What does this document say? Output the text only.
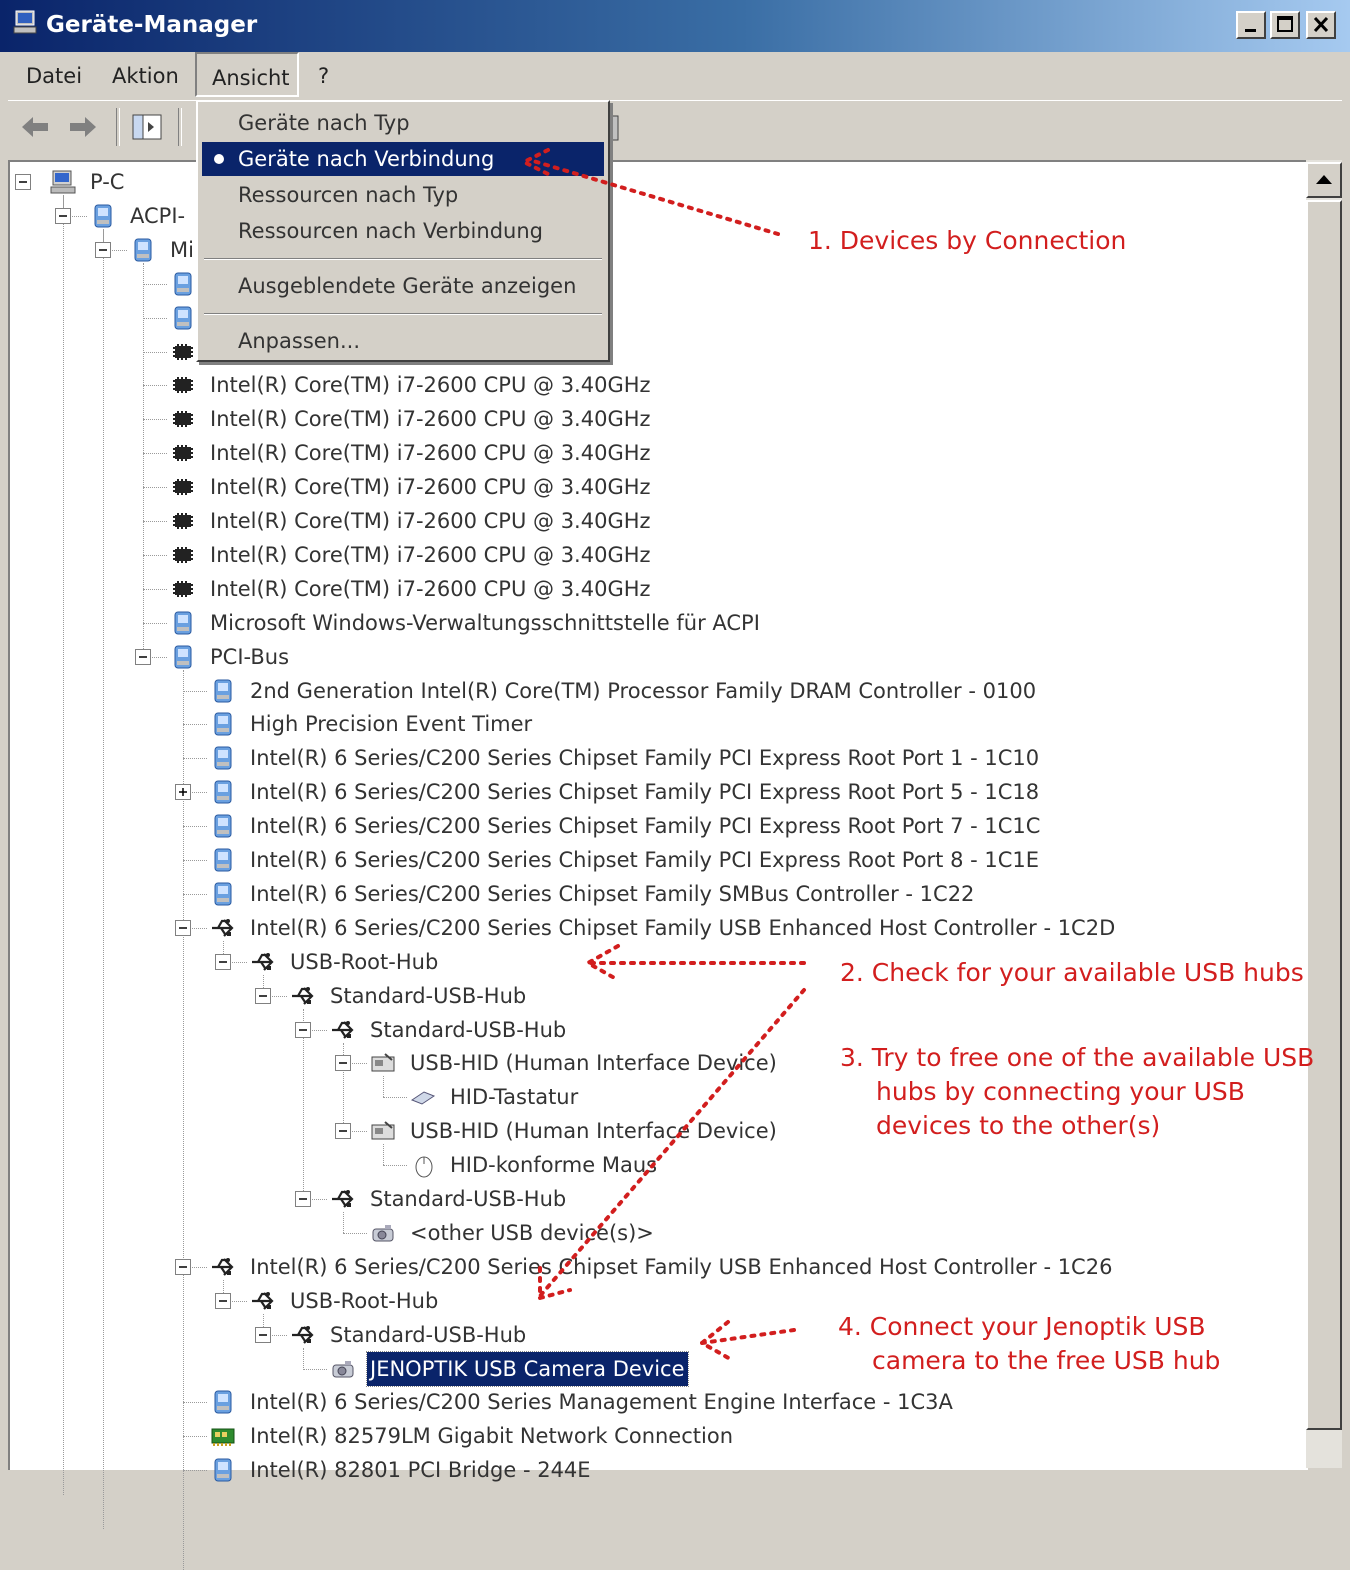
Geräte-Manager
Datei Aktion Ansicht ?
P-C
ACPI-
Mi
Intel(R) Core(TM) i7-2600 CPU @ 3.40GHz
Intel(R) Core(TM) i7-2600 CPU @ 3.40GHz
Intel(R) Core(TM) i7-2600 CPU @ 3.40GHz
Intel(R) Core(TM) i7-2600 CPU @ 3.40GHz
Intel(R) Core(TM) i7-2600 CPU @ 3.40GHz
Intel(R) Core(TM) i7-2600 CPU @ 3.40GHz
Intel(R) Core(TM) i7-2600 CPU @ 3.40GHz
Microsoft Windows-Verwaltungsschnittstelle für ACPI
PCI-Bus
2nd Generation Intel(R) Core(TM) Processor Family DRAM Controller - 0100
High Precision Event Timer
Intel(R) 6 Series/C200 Series Chipset Family PCI Express Root Port 1 - 1C10
Intel(R) 6 Series/C200 Series Chipset Family PCI Express Root Port 5 - 1C18
Intel(R) 6 Series/C200 Series Chipset Family PCI Express Root Port 7 - 1C1C
Intel(R) 6 Series/C200 Series Chipset Family PCI Express Root Port 8 - 1C1E
Intel(R) 6 Series/C200 Series Chipset Family SMBus Controller - 1C22
Intel(R) 6 Series/C200 Series Chipset Family USB Enhanced Host Controller - 1C2D
USB-Root-Hub
Standard-USB-Hub
Standard-USB-Hub
USB-HID (Human Interface Device)
HID-Tastatur
USB-HID (Human Interface Device)
HID-konforme Maus
Standard-USB-Hub
<other USB device(s)>
Intel(R) 6 Series/C200 Series Chipset Family USB Enhanced Host Controller - 1C26
USB-Root-Hub
Standard-USB-Hub
JENOPTIK USB Camera Device
Intel(R) 6 Series/C200 Series Management Engine Interface - 1C3A
Intel(R) 82579LM Gigabit Network Connection
Intel(R) 82801 PCI Bridge - 244E
Geräte nach Typ
Geräte nach Verbindung
Ressourcen nach Typ
Ressourcen nach Verbindung
Ausgeblendete Geräte anzeigen
Anpassen...
1. Devices by Connection
2. Check for your available USB hubs
3. Try to free one of the available USB
hubs by connecting your USB
devices to the other(s)
4. Connect your Jenoptik USB
camera to the free USB hub
